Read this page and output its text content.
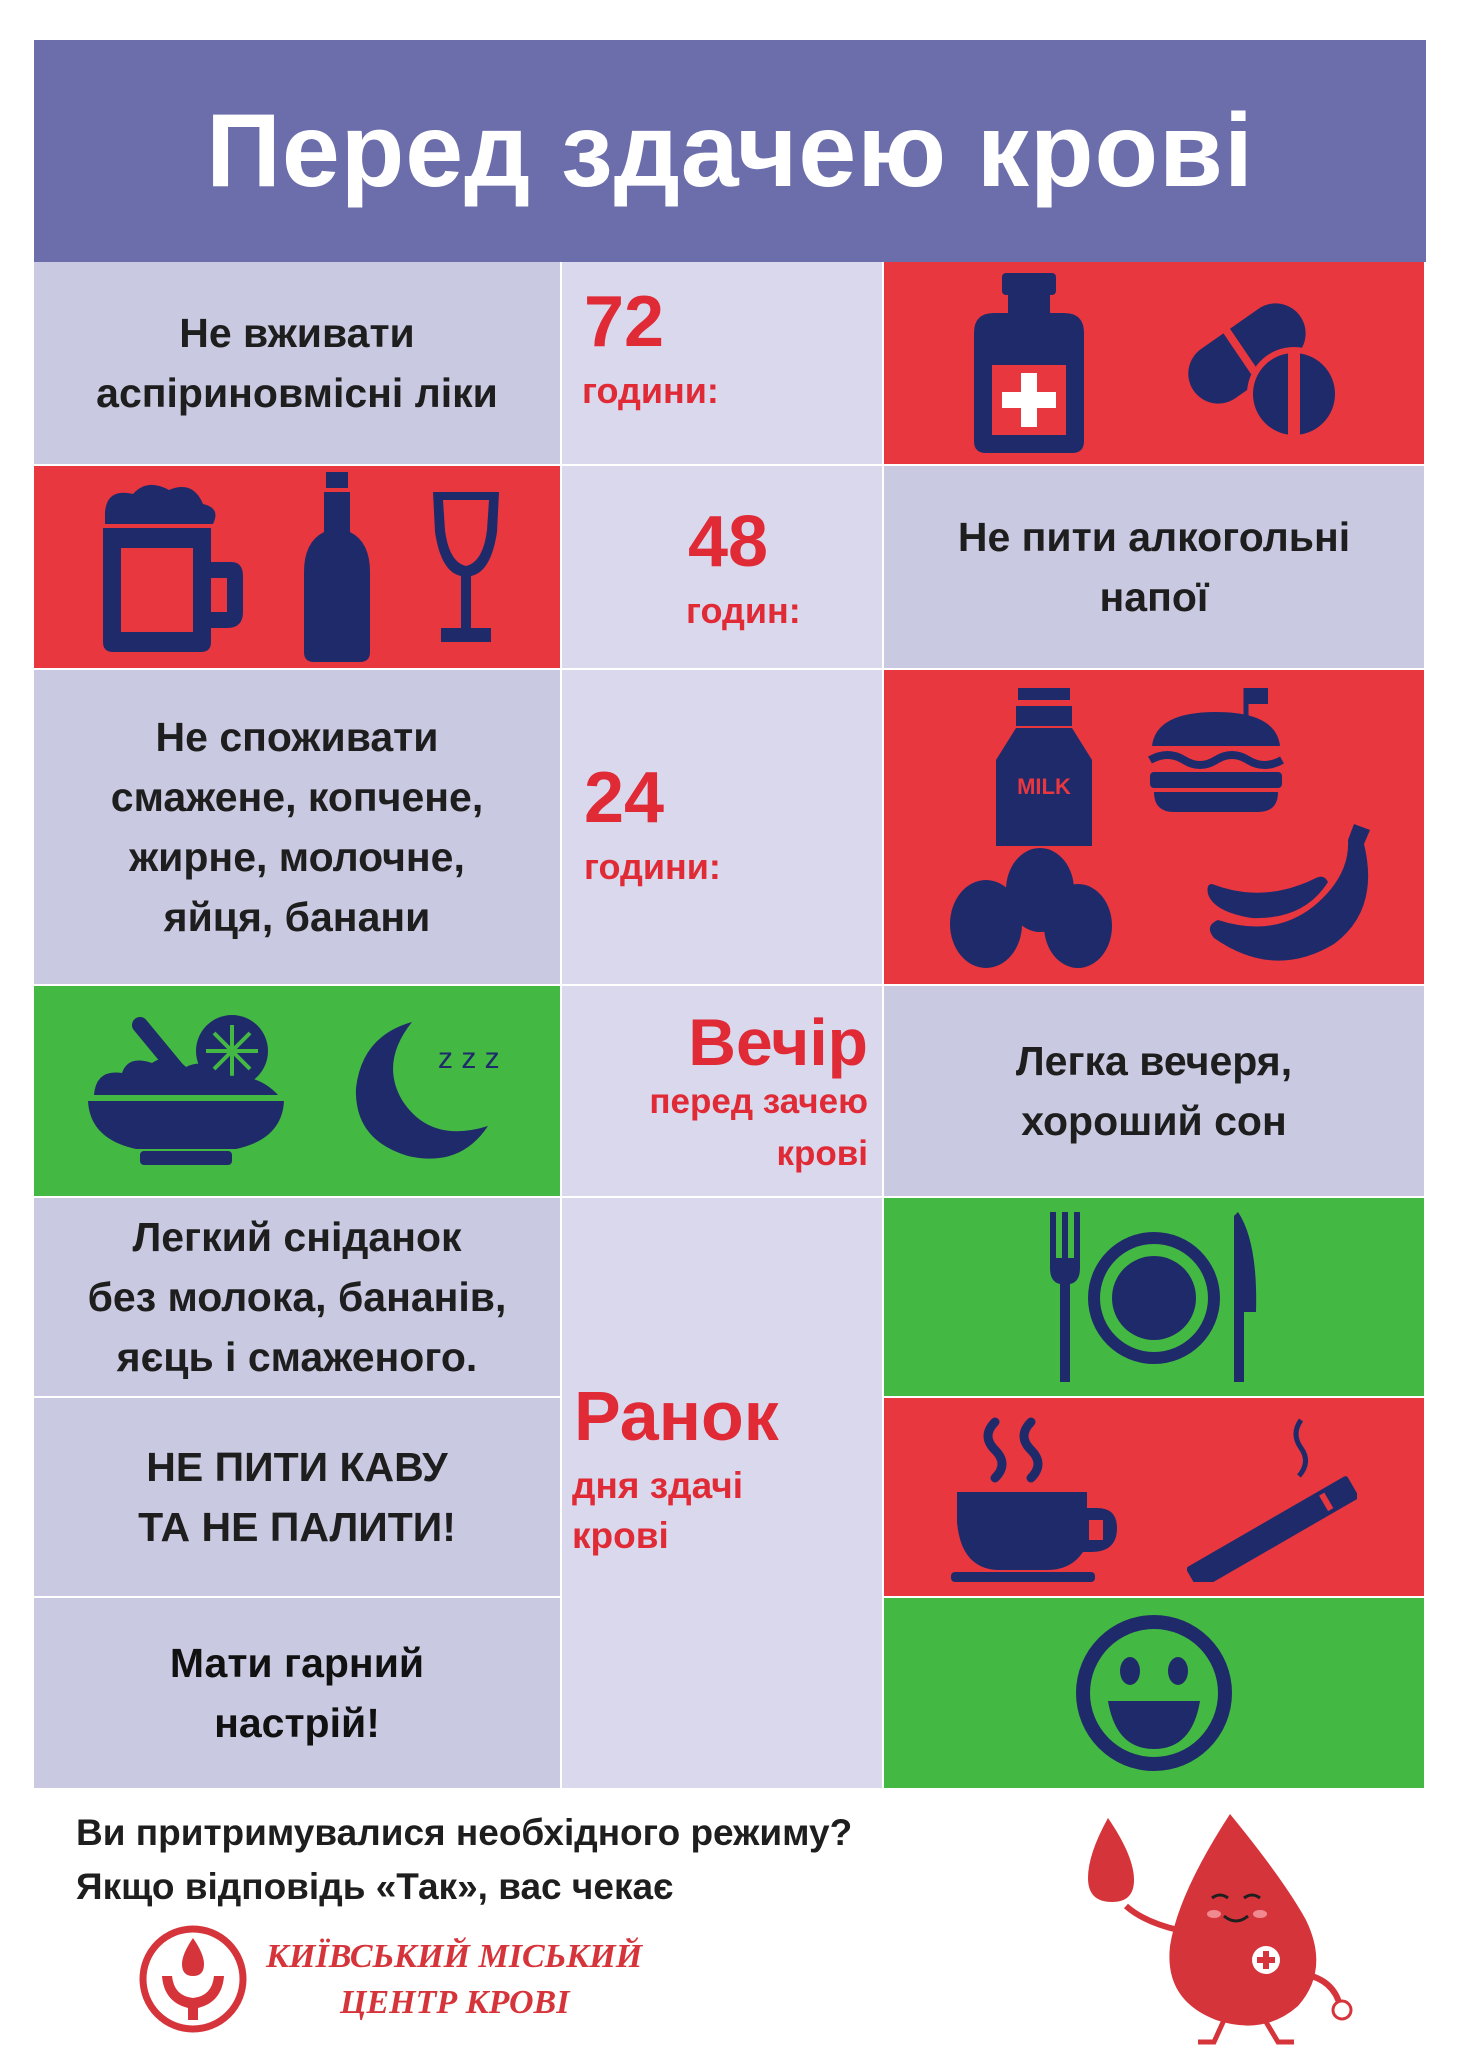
Перед здачею крові
Не вживати
аспіриновмісні ліки
72
години:
48
годин:
Не пити алкогольні
напої
Не споживати
смажене, копчене,
жирне, молочне,
яйця, банани
24
години:
MILK
z z z	Вечір
перед зачею
крові
Легка вечеря,
хороший сон
Легкий сніданок
без молока, бананів,
яєць і смаженого.
НЕ ПИТИ КАВУ
ТА НЕ ПАЛИТИ!
Мати гарний
настрій!
Ранок
дня здачі
крові
Ви притримувалися необхідного режиму?
Якщо відповідь «Так», вас чекає
КИЇВСЬКИЙ МІСЬКИЙ
ЦЕНТР КРОВІ
